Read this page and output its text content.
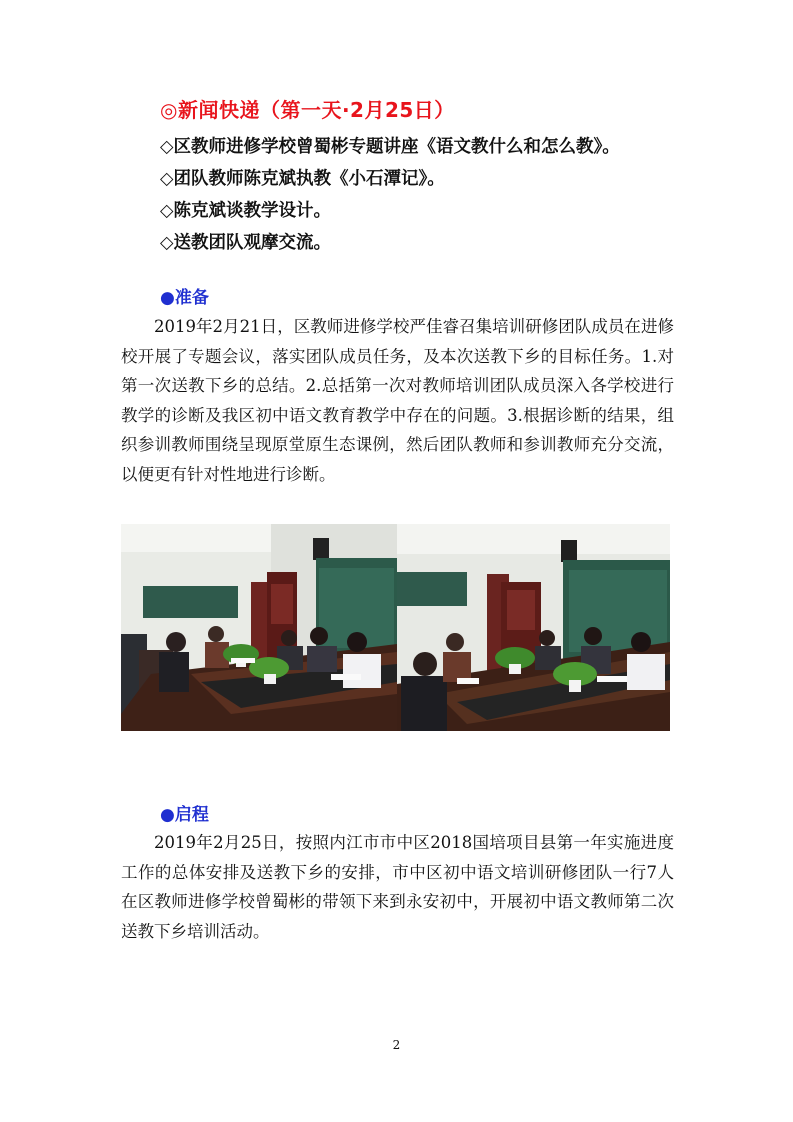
◎新闻快递（第一天·2月25日）
◇区教师进修学校曾蜀彬专题讲座《语文教什么和怎么教》。
◇团队教师陈克斌执教《小石潭记》。
◇陈克斌谈教学设计。
◇送教团队观摩交流。
●准备
2019年2月21日，区教师进修学校严佳睿召集培训研修团队成员在进修校开展了专题会议，落实团队成员任务，及本次送教下乡的目标任务。1.对第一次送教下乡的总结。2.总括第一次对教师培训团队成员深入各学校进行教学的诊断及我区初中语文教育教学中存在的问题。3.根据诊断的结果，组织参训教师围绕呈现原堂原生态课例，然后团队教师和参训教师充分交流，以便更有针对性地进行诊断。
●启程
2019年2月25日，按照内江市市中区2018国培项目县第一年实施进度工作的总体安排及送教下乡的安排，市中区初中语文培训研修团队一行7人在区教师进修学校曾蜀彬的带领下来到永安初中，开展初中语文教师第二次送教下乡培训活动。
2
